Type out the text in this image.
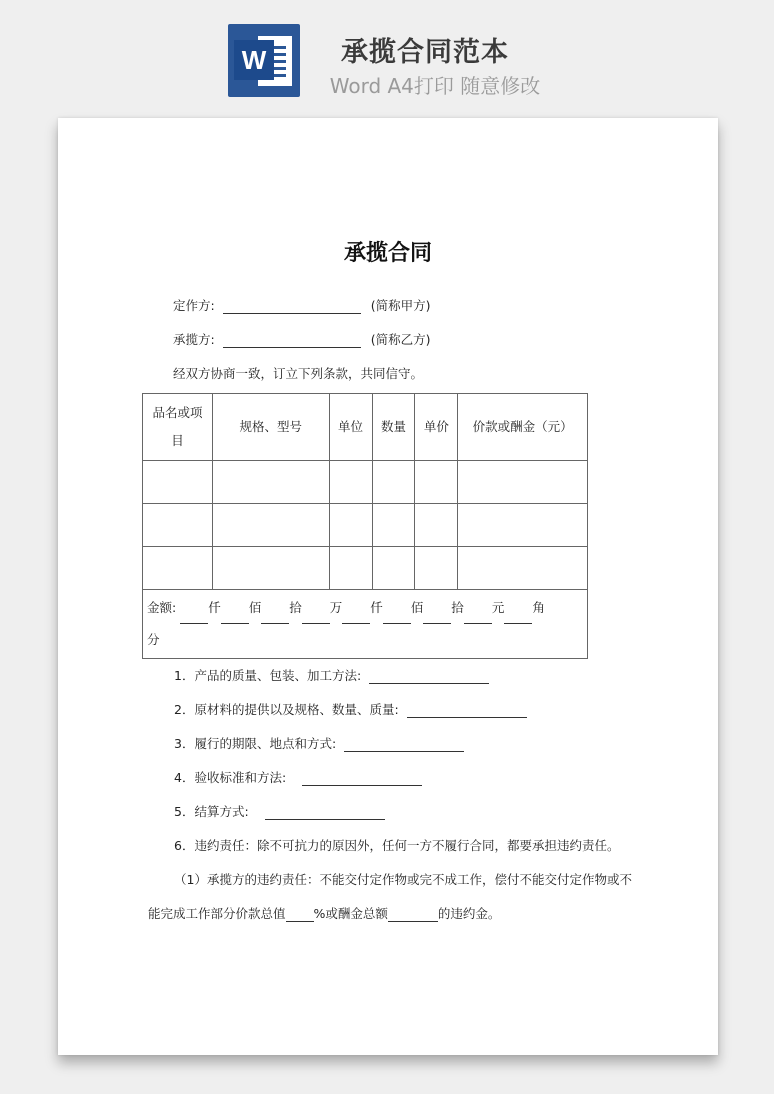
W	承揽合同范本
Word A4打印 随意修改
承揽合同
定作方:	(简称甲方)
承揽方:	(简称乙方)
经双方协商一致，订立下列条款，共同信守。
品名或项目	规格、型号	单位	数量	单价	价款或酬金（元）

金额: 仟 佰 拾 万 仟 佰 拾 元 角
分					
1．产品的质量、包装、加工方法:
2．原材料的提供以及规格、数量、质量:
3．履行的期限、地点和方式:
4．验收标准和方法:
5．结算方式:
6．违约责任：除不可抗力的原因外，任何一方不履行合同，都要承担违约责任。
（1）承揽方的违约责任：不能交付定作物或完不成工作，偿付不能交付定作物或不
能完成工作部分价款总值 %或酬金总额	的违约金。
